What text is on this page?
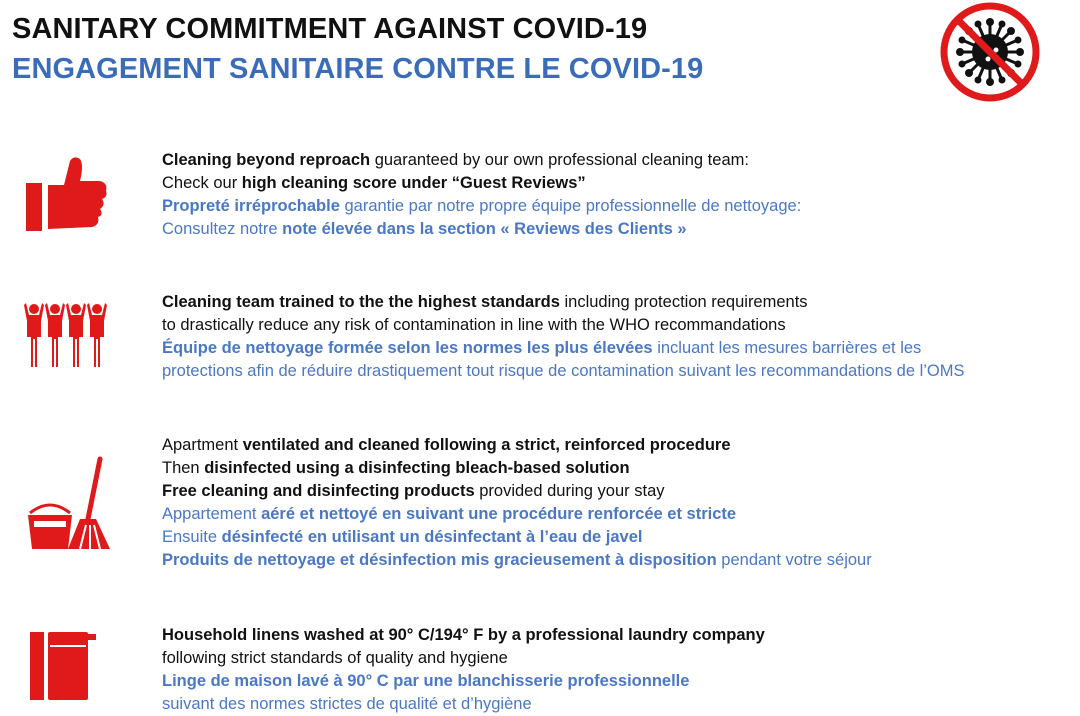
SANITARY COMMITMENT AGAINST COVID-19
ENGAGEMENT SANITAIRE CONTRE LE COVID-19
Cleaning beyond reproach guaranteed by our own professional cleaning team:
Check our high cleaning score under “Guest Reviews”
Propreté irréprochable garantie par notre propre équipe professionnelle de nettoyage:
Consultez notre note élevée dans la section « Reviews des Clients »
Cleaning team trained to the the highest standards including protection requirements
to drastically reduce any risk of contamination in line with the WHO recommandations
Équipe de nettoyage formée selon les normes les plus élevées incluant les mesures barrières et les
protections afin de réduire drastiquement tout risque de contamination suivant les recommandations de l’OMS
Apartment ventilated and cleaned following a strict, reinforced procedure
Then disinfected using a disinfecting bleach-based solution
Free cleaning and disinfecting products provided during your stay
Appartement aéré et nettoyé en suivant une procédure renforcée et stricte
Ensuite désinfecté en utilisant un désinfectant à l’eau de javel
Produits de nettoyage et désinfection mis gracieusement à disposition pendant votre séjour
Household linens washed at 90° C/194° F by a professional laundry company
following strict standards of quality and hygiene
Linge de maison lavé à 90° C par une blanchisserie professionnelle
suivant des normes strictes de qualité et d’hygiène
